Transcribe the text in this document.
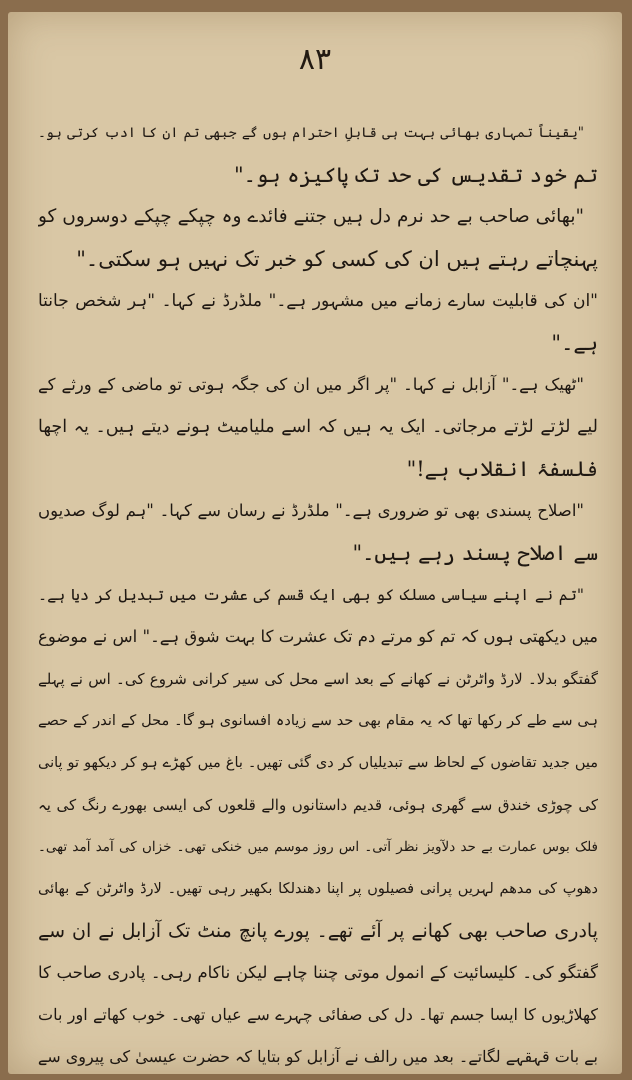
۸۳
"یقیناً تمہاری بھائی بہت ہی قابلِ احترام ہوں گے جبھی تم ان کا ادب کرتی ہو۔
تم خود تقدیس کی حد تک پاکیزہ ہو۔"
"بھائی صاحب بے حد نرم دل ہیں جتنے فائدے وہ چپکے چپکے دوسروں کو
پہنچاتے رہتے ہیں ان کی کسی کو خبر تک نہیں ہو سکتی۔"
"ان کی قابلیت سارے زمانے میں مشہور ہے۔" ملڈرڈ نے کہا۔ "ہر شخص جانتا
ہے۔"
"ٹھیک ہے۔" آزابل نے کہا۔ "پر اگر میں ان کی جگہ ہوتی تو ماضی کے ورثے کے
لیے لڑتے لڑتے مرجاتی۔ ایک یہ ہیں کہ اسے ملیامیٹ ہونے دیتے ہیں۔ یہ اچھا
فلسفۂ انقلاب ہے!"
"اصلاح پسندی بھی تو ضروری ہے۔" ملڈرڈ نے رسان سے کہا۔ "ہم لوگ صدیوں
سے اصلاح پسند رہے ہیں۔"
"تم نے اپنے سیاسی مسلک کو بھی ایک قسم کی عشرت میں تبدیل کر دیا ہے۔
میں دیکھتی ہوں کہ تم کو مرتے دم تک عشرت کا بہت شوق ہے۔" اس نے موضوع
گفتگو بدلا۔ لارڈ واٹرٹن نے کھانے کے بعد اسے محل کی سیر کرانی شروع کی۔ اس نے پہلے
ہی سے طے کر رکھا تھا کہ یہ مقام بھی حد سے زیادہ افسانوی ہو گا۔ محل کے اندر کے حصے
میں جدید تقاضوں کے لحاظ سے تبدیلیاں کر دی گئی تھیں۔ باغ میں کھڑے ہو کر دیکھو تو پانی
کی چوڑی خندق سے گھری ہوئی، قدیم داستانوں والے قلعوں کی ایسی بھورے رنگ کی یہ
فلک بوس عمارت بے حد دلآویز نظر آتی۔ اس روز موسم میں خنکی تھی۔ خزاں کی آمد آمد تھی۔
دھوپ کی مدھم لہریں پرانی فصیلوں پر اپنا دھندلکا بکھیر رہی تھیں۔ لارڈ واٹرٹن کے بھائی
پادری صاحب بھی کھانے پر آئے تھے۔ پورے پانچ منٹ تک آزابل نے ان سے
گفتگو کی۔ کلیسائیت کے انمول موتی چننا چاہے لیکن ناکام رہی۔ پادری صاحب کا
کھلاڑیوں کا ایسا جسم تھا۔ دل کی صفائی چہرے سے عیاں تھی۔ خوب کھاتے اور بات
بے بات قہقہے لگاتے۔ بعد میں رالف نے آزابل کو بتایا کہ حضرت عیسیٰ کی پیروی سے
